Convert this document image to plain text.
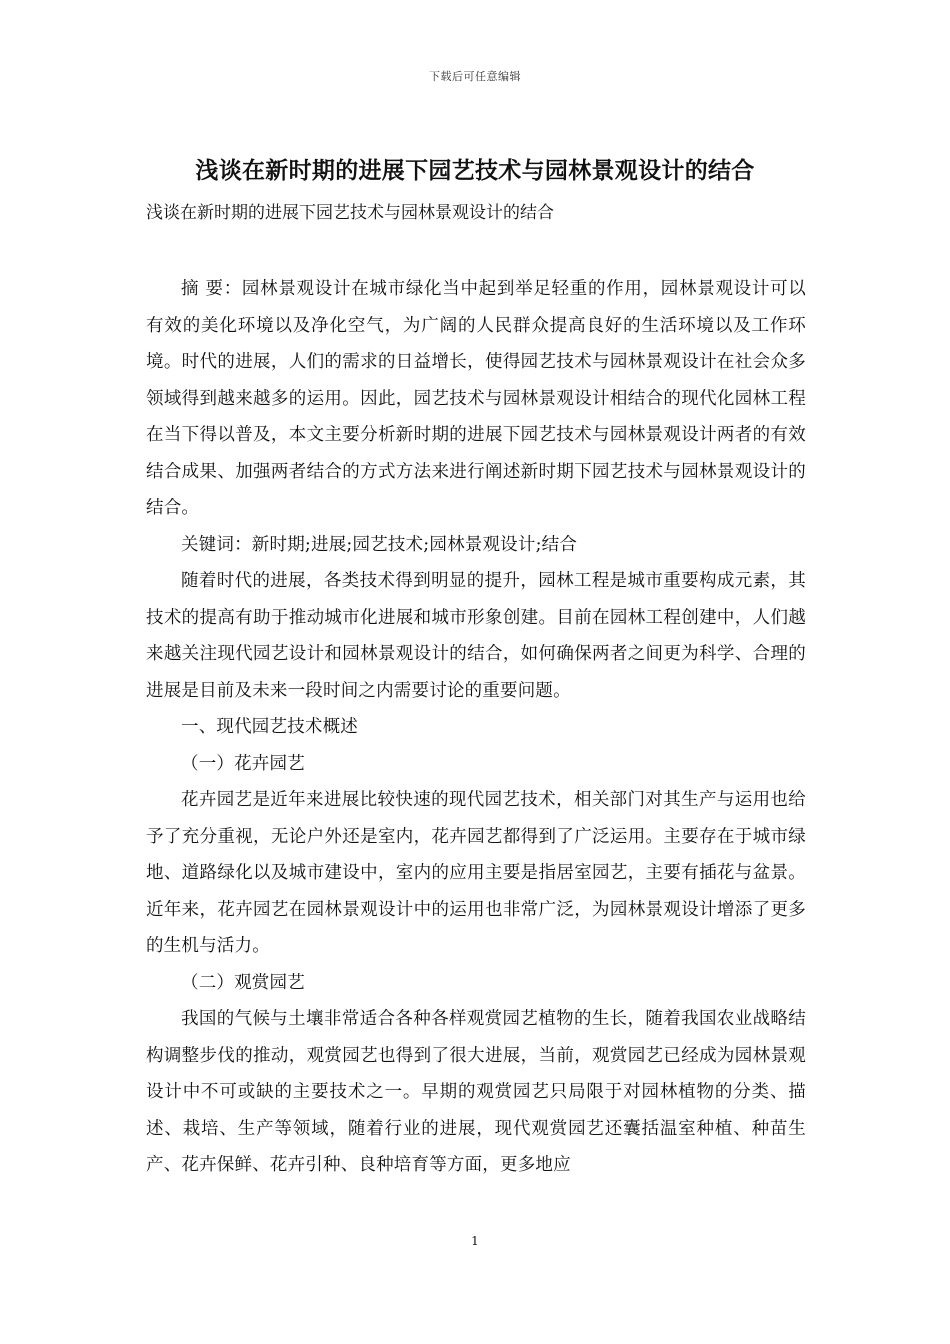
下载后可任意编辑
浅谈在新时期的进展下园艺技术与园林景观设计的结合

浅谈在新时期的进展下园艺技术与园林景观设计的结合

摘 要：园林景观设计在城市绿化当中起到举足轻重的作用，园林景观设计可以有效的美化环境以及净化空气，为广阔的人民群众提高良好的生活环境以及工作环境。时代的进展，人们的需求的日益增长，使得园艺技术与园林景观设计在社会众多领域得到越来越多的运用。因此，园艺技术与园林景观设计相结合的现代化园林工程在当下得以普及，本文主要分析新时期的进展下园艺技术与园林景观设计两者的有效结合成果、加强两者结合的方式方法来进行阐述新时期下园艺技术与园林景观设计的结合。

关键词：新时期;进展;园艺技术;园林景观设计;结合

随着时代的进展，各类技术得到明显的提升，园林工程是城市重要构成元素，其技术的提高有助于推动城市化进展和城市形象创建。目前在园林工程创建中，人们越来越关注现代园艺设计和园林景观设计的结合，如何确保两者之间更为科学、合理的进展是目前及未来一段时间之内需要讨论的重要问题。

一、现代园艺技术概述

（一）花卉园艺

花卉园艺是近年来进展比较快速的现代园艺技术，相关部门对其生产与运用也给予了充分重视，无论户外还是室内，花卉园艺都得到了广泛运用。主要存在于城市绿地、道路绿化以及城市建设中，室内的应用主要是指居室园艺，主要有插花与盆景。近年来，花卉园艺在园林景观设计中的运用也非常广泛，为园林景观设计增添了更多的生机与活力。

（二）观赏园艺

我国的气候与土壤非常适合各种各样观赏园艺植物的生长，随着我国农业战略结构调整步伐的推动，观赏园艺也得到了很大进展，当前，观赏园艺已经成为园林景观设计中不可或缺的主要技术之一。早期的观赏园艺只局限于对园林植物的分类、描述、栽培、生产等领域，随着行业的进展，现代观赏园艺还囊括温室种植、种苗生产、花卉保鲜、花卉引种、良种培育等方面，更多地应

1
